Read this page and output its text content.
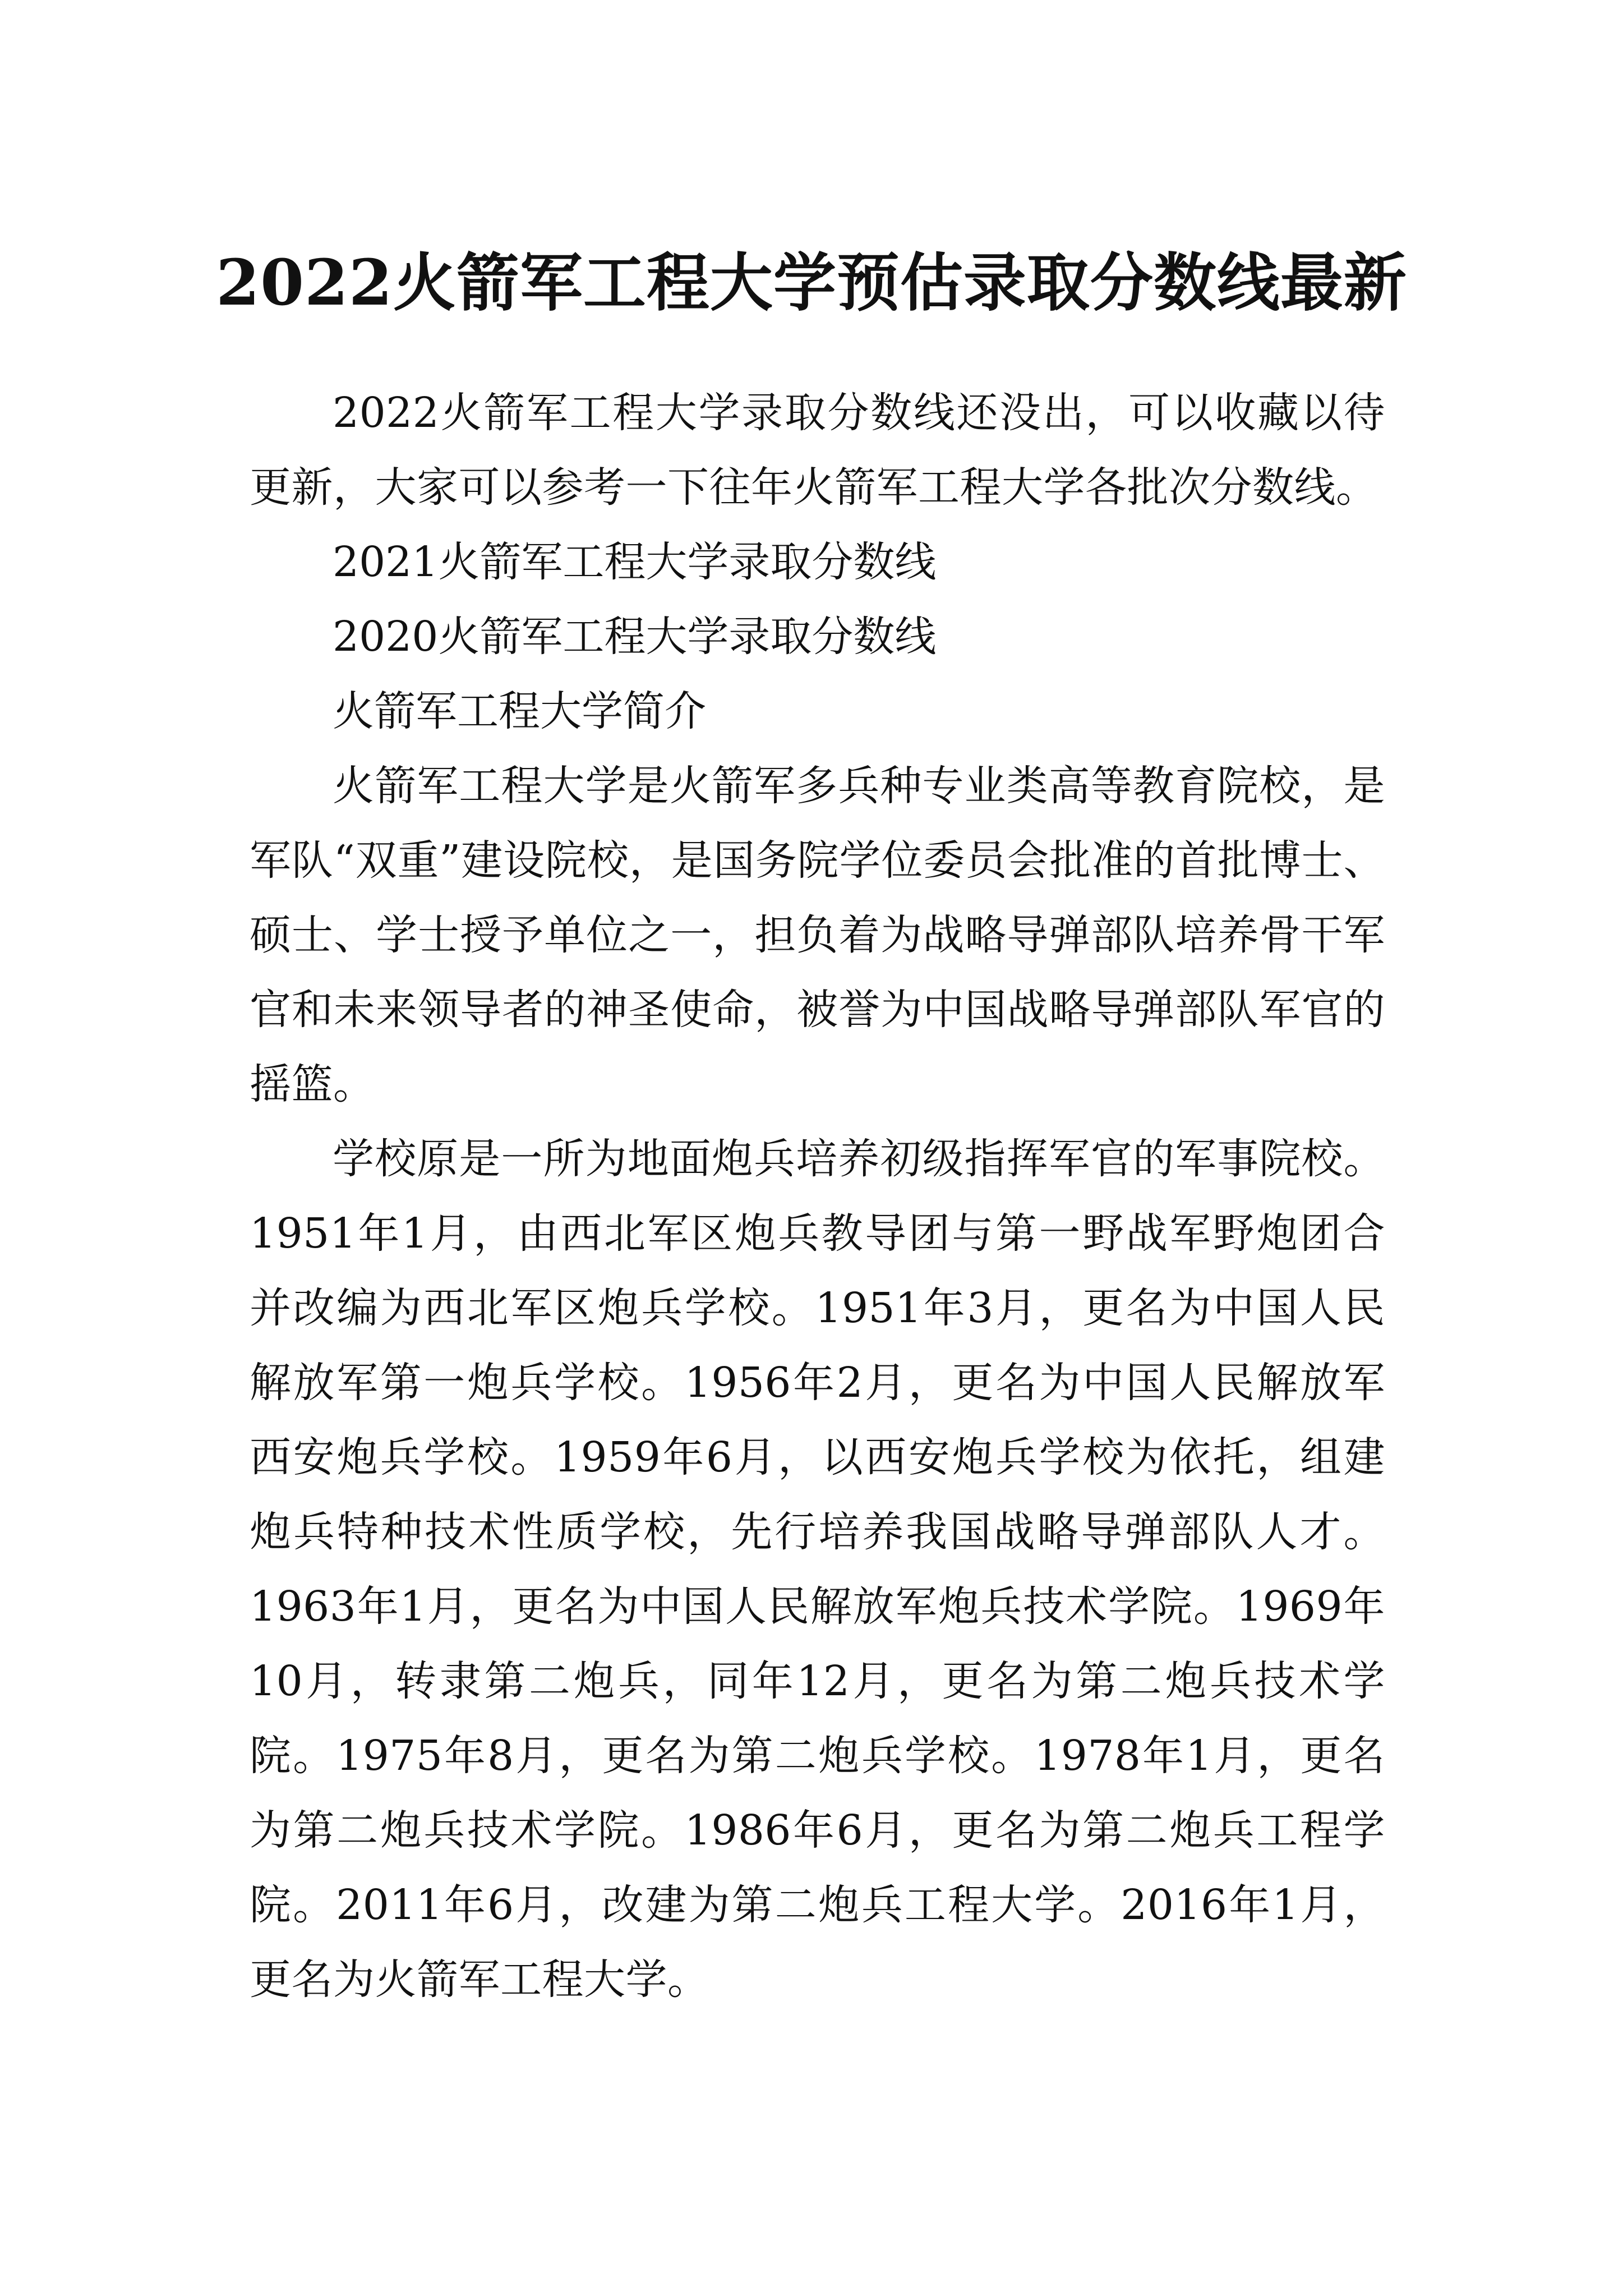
2022火箭军工程大学预估录取分数线最新

2022火箭军工程大学录取分数线还没出，可以收藏以待更新，大家可以参考一下往年火箭军工程大学各批次分数线。

2021火箭军工程大学录取分数线

2020火箭军工程大学录取分数线

火箭军工程大学简介

火箭军工程大学是火箭军多兵种专业类高等教育院校，是军队“双重”建设院校，是国务院学位委员会批准的首批博士、硕士、学士授予单位之一，担负着为战略导弹部队培养骨干军官和未来领导者的神圣使命，被誉为中国战略导弹部队军官的摇篮。

学校原是一所为地面炮兵培养初级指挥军官的军事院校。1951年1月，由西北军区炮兵教导团与第一野战军野炮团合并改编为西北军区炮兵学校。1951年3月，更名为中国人民解放军第一炮兵学校。1956年2月，更名为中国人民解放军西安炮兵学校。1959年6月，以西安炮兵学校为依托，组建炮兵特种技术性质学校，先行培养我国战略导弹部队人才。1963年1月，更名为中国人民解放军炮兵技术学院。1969年10月，转隶第二炮兵，同年12月，更名为第二炮兵技术学院。1975年8月，更名为第二炮兵学校。1978年1月，更名为第二炮兵技术学院。1986年6月，更名为第二炮兵工程学院。2011年6月，改建为第二炮兵工程大学。2016年1月，更名为火箭军工程大学。
